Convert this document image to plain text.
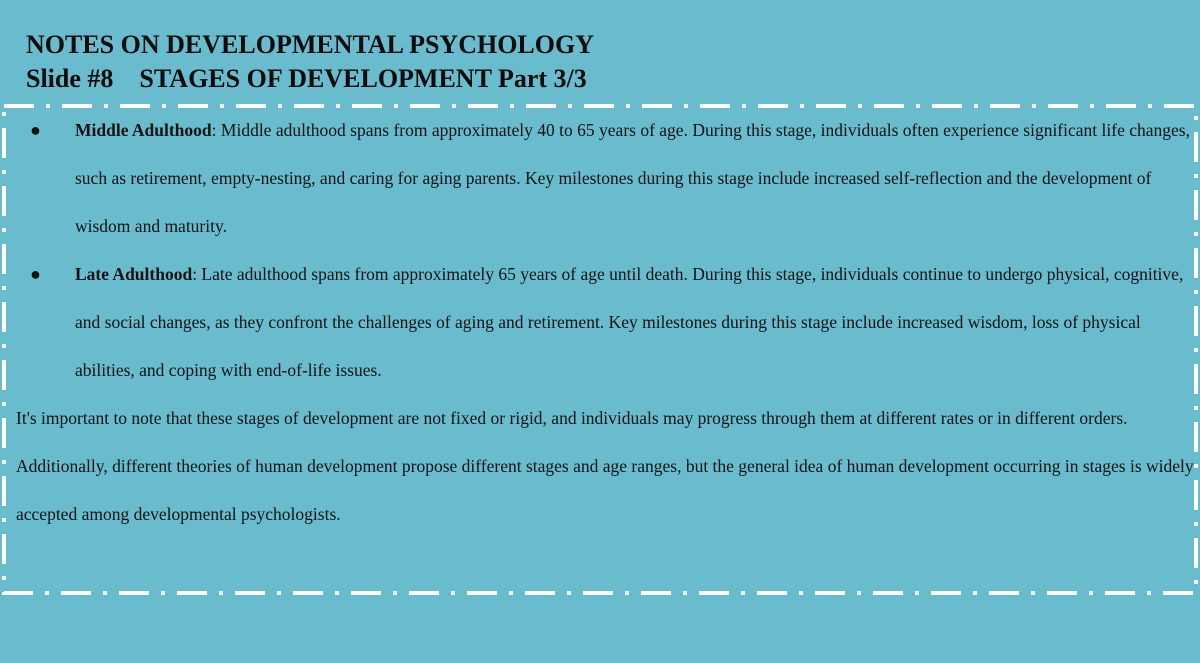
NOTES ON DEVELOPMENTAL PSYCHOLOGY
Slide #8 STAGES OF DEVELOPMENT Part 3/3
● Middle Adulthood: Middle adulthood spans from approximately 40 to 65 years of age. During this stage, individuals often experience significant life changes, such as retirement, empty-nesting, and caring for aging parents. Key milestones during this stage include increased self-reflection and the development of wisdom and maturity.
● Late Adulthood: Late adulthood spans from approximately 65 years of age until death. During this stage, individuals continue to undergo physical, cognitive, and social changes, as they confront the challenges of aging and retirement. Key milestones during this stage include increased wisdom, loss of physical abilities, and coping with end-of-life issues.

It's important to note that these stages of development are not fixed or rigid, and individuals may progress through them at different rates or in different orders. Additionally, different theories of human development propose different stages and age ranges, but the general idea of human development occurring in stages is widely accepted among developmental psychologists.
